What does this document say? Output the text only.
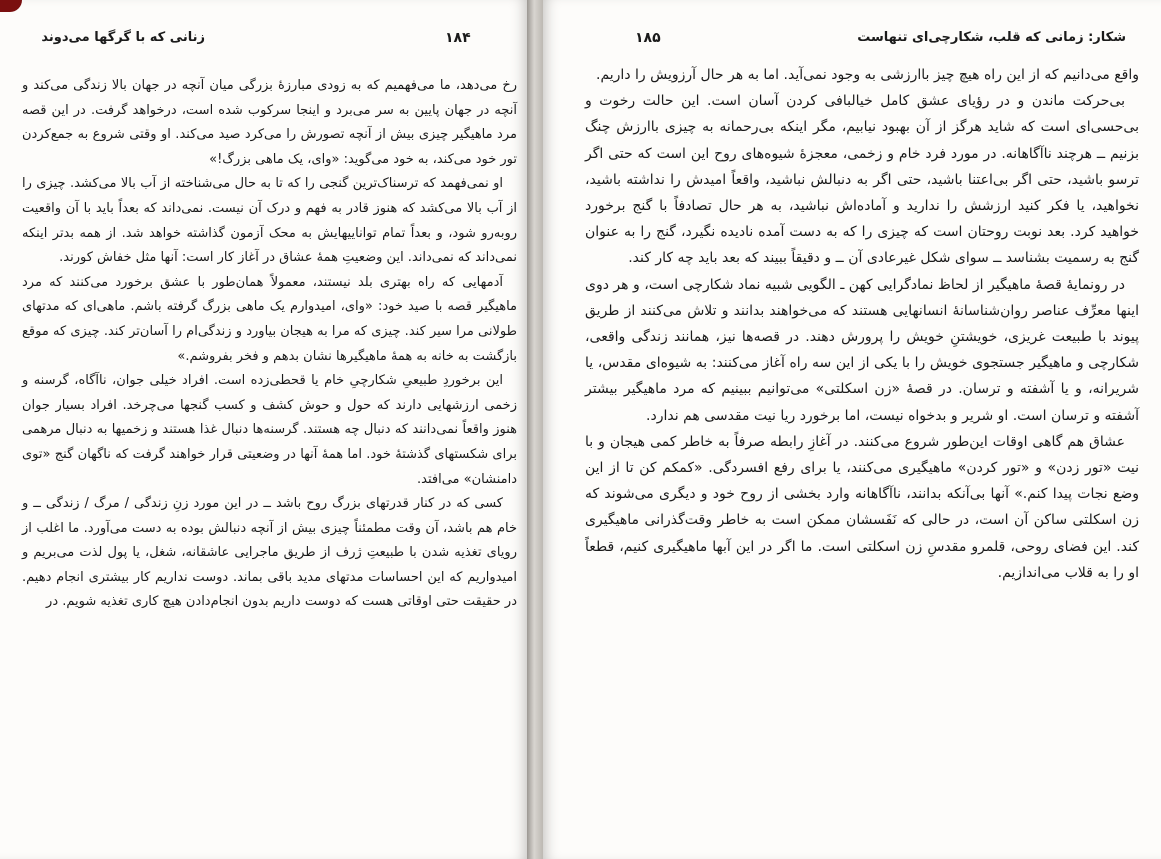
زنانی که با گرگها می‌دوند	۱۸۴

رخ می‌دهد، ما می‌فهمیم که به زودی مبارزهٔ بزرگی میان آنچه در جهان بالا زندگی می‌کند و آنچه در جهان پایین به سر می‌برد و اینجا سرکوب شده است، درخواهد گرفت. در این قصه مرد ماهیگیر چیزی بیش از آنچه تصورش را می‌کرد صید می‌کند. او وقتی شروع به جمع‌کردن تور خود می‌کند، به خود می‌گوید: «وای، یک ماهی بزرگ!»

او نمی‌فهمد که ترسناک‌ترین گنجی را که تا به حال می‌شناخته از آب بالا می‌کشد. چیزی را از آب بالا می‌کشد که هنوز قادر به فهم و درک آن نیست. نمی‌داند که بعداً باید با آن واقعیت روبه‌رو شود، و بعداً تمام تواناییهایش به محک آزمون گذاشته خواهد شد. از همه بدتر اینکه نمی‌داند که نمی‌داند. این وضعیتِ همهٔ عشاق در آغاز کار است: آنها مثل خفاش کورند.

آدمهایی که راه بهتری بلد نیستند، معمولاً همان‌طور با عشق برخورد می‌کنند که مرد ماهیگیر قصه با صید خود: «وای، امیدوارم یک ماهی بزرگ گرفته باشم. ماهی‌ای که مدتهای طولانی مرا سیر کند. چیزی که مرا به هیجان بیاورد و زندگی‌ام را آسان‌تر کند. چیزی که موقع بازگشت به خانه به همهٔ ماهیگیرها نشان بدهم و فخر بفروشم.»

این برخوردِ طبیعیِ شکارچیِ خام یا قحطی‌زده است. افراد خیلی جوان، ناآگاه، گرسنه و زخمی ارزشهایی دارند که حول و حوش کشف و کسب گنجها می‌چرخد. افراد بسیار جوان هنوز واقعاً نمی‌دانند که دنبال چه هستند. گرسنه‌ها دنبال غذا هستند و زخمیها به دنبال مرهمی برای شکستهای گذشتهٔ خود. اما همهٔ آنها در وضعیتی قرار خواهند گرفت که ناگهان گنج «توی دامنشان» می‌افتد.

کسی که در کنار قدرتهای بزرگ روح باشد ــ در این مورد زنِ زندگی / مرگ / زندگی ــ و خام هم باشد، آن وقت مطمئناً چیزی بیش از آنچه دنبالش بوده به دست می‌آورد. ما اغلب از رویای تغذیه شدن با طبیعتِ ژرف از طریق ماجرایی عاشقانه، شغل، یا پول لذت می‌بریم و امیدواریم که این احساسات مدتهای مدید باقی بماند. دوست نداریم کار بیشتری انجام دهیم. در حقیقت حتی اوقاتی هست که دوست داریم بدون انجام‌دادن هیچ کاری تغذیه شویم. در

شکار: زمانی که قلب، شکارچی‌ای تنهاست
۱۸۵

واقع می‌دانیم که از این راه هیچ چیز باارزشی به وجود نمی‌آید. اما به هر حال آرزویش را داریم.

بی‌حرکت ماندن و در رؤیای عشق کامل خیالبافی کردن آسان است. این حالت رخوت و بی‌حسی‌ای است که شاید هرگز از آن بهبود نیابیم، مگر اینکه بی‌رحمانه به چیزی باارزش چنگ بزنیم ــ هرچند ناآگاهانه. در مورد فرد خام و زخمی، معجزهٔ شیوه‌های روح این است که حتی اگر ترسو باشید، حتی اگر بی‌اعتنا باشید، حتی اگر به دنبالش نباشید، واقعاً امیدش را نداشته باشید، نخواهید، یا فکر کنید ارزشش را ندارید و آماده‌اش نباشید، به هر حال تصادفاً با گنج برخورد خواهید کرد. بعد نوبت روحتان است که چیزی را که به دست آمده نادیده نگیرد، گنج را به عنوان گنج به رسمیت بشناسد ــ سوای شکل غیرعادی آن ــ و دقیقاً ببیند که بعد باید چه کار کند.

در رونمایهٔ قصهٔ ماهیگیر از لحاظ نمادگرایی کهن ـ الگویی شبیه نماد شکارچی است، و هر دوی اینها معرِّف عناصر روان‌شناسانهٔ انسانهایی هستند که می‌خواهند بدانند و تلاش می‌کنند از طریق پیوند با طبیعت غریزی، خویشتنِ خویش را پرورش دهند. در قصه‌ها نیز، همانند زندگی واقعی، شکارچی و ماهیگیر جستجوی خویش را با یکی از این سه راه آغاز می‌کنند: به شیوه‌ای مقدس، یا شریرانه، و یا آشفته و ترسان. در قصهٔ «زن اسکلتی» می‌توانیم ببینیم که مرد ماهیگیر بیشتر آشفته و ترسان است. او شریر و بدخواه نیست، اما برخورد ریا نیت مقدسی هم ندارد.

عشاق هم گاهی اوقات این‌طور شروع می‌کنند. در آغازِ رابطه صرفاً به خاطر کمی هیجان و با نیت «تور زدن» و «تور کردن» ماهیگیری می‌کنند، یا برای رفع افسردگی. «کمکم کن تا از این وضع نجات پیدا کنم.» آنها بی‌آنکه بدانند، ناآگاهانه وارد بخشی از روح خود و دیگری می‌شوند که زن اسکلتی ساکن آن است، در حالی که نَفَسشان ممکن است به خاطر وقت‌گذرانی ماهیگیری کند. این فضای روحی، قلمرو مقدسِ زن اسکلتی است. ما اگر در این آبها ماهیگیری کنیم، قطعاً او را به قلاب می‌اندازیم.
